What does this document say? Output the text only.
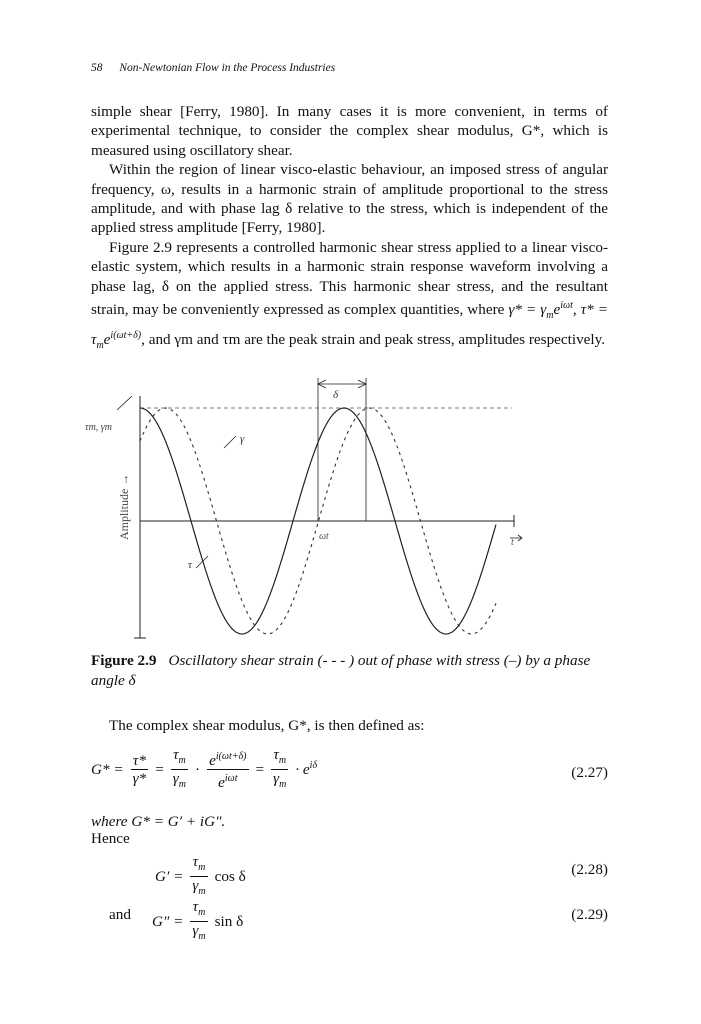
58 Non-Newtonian Flow in the Process Industries

simple shear [Ferry, 1980]. In many cases it is more convenient, in terms of experimental technique, to consider the complex shear modulus, G*, which is measured using oscillatory shear.

Within the region of linear visco-elastic behaviour, an imposed stress of angular frequency, ω, results in a harmonic strain of amplitude proportional to the stress amplitude, and with phase lag δ relative to the stress, which is independent of the applied stress amplitude [Ferry, 1980].

Figure 2.9 represents a controlled harmonic shear stress applied to a linear visco-elastic system, which results in a harmonic strain response waveform involving a phase lag, δ on the applied stress. This harmonic shear stress, and the resultant strain, may be conveniently expressed as complex quantities, where $\gamma* = \gamma_me^{i\omega t}$, $\tau* = \tau_me^{i(\omega t+\delta)}$, and γm and τm are the peak strain and peak stress, amplitudes respectively.

τm, γm
δ
γ
τ
ωt
t
Amplitude →
Figure 2.9 Oscillatory shear strain (- - - ) out of phase with stress (–) by a phase angle δ
The complex shear modulus, G*, is then defined as:
$G* = \frac{\tau*}{\gamma*} = \frac{\tau_m}{\gamma_m} \cdot \frac{e^{i(\omega t+\delta)}}{e^{i\omega t}} = \frac{\tau_m}{\gamma_m} \cdot e^{i\delta}$	(2.27)
where G* = G′ + iG″.
Hence
$G' = \frac{\tau_m}{\gamma_m}$ cos δ	(2.28)
and $G'' = \frac{\tau_m}{\gamma_m}$ sin δ	(2.29)
